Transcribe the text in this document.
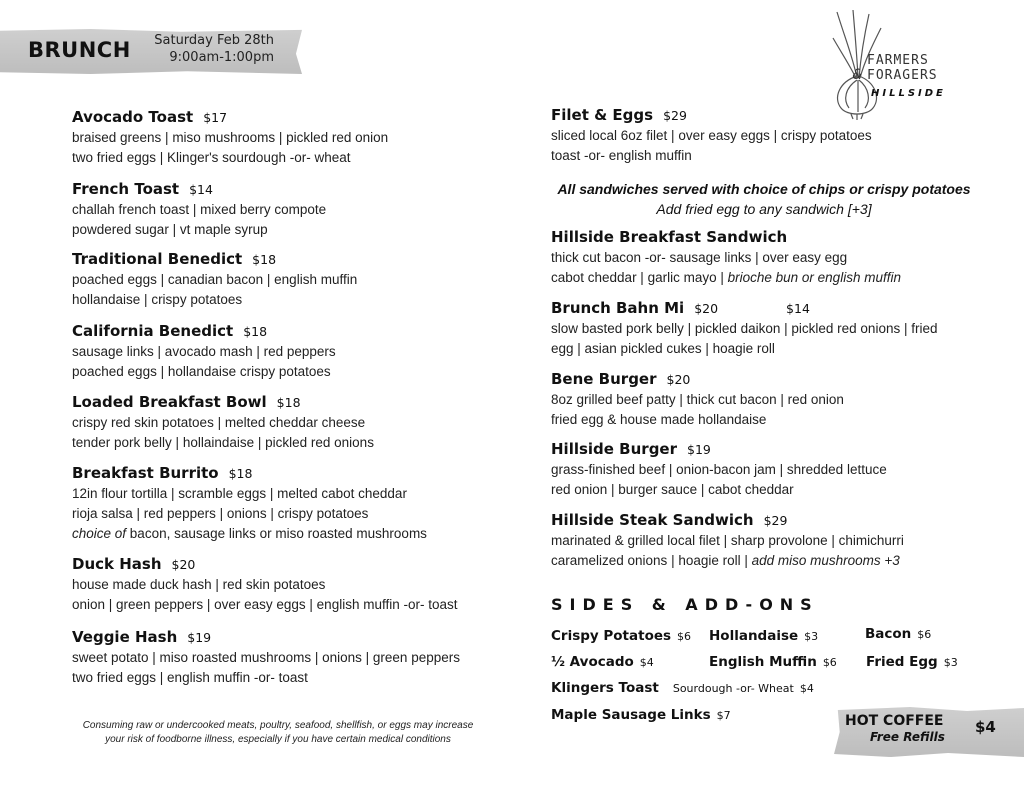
BRUNCH	Saturday Feb 28th
9:00am-1:00pm	FARMERS
& FORAGERS
HILLSIDE
Avocado Toast $17
braised greens | miso mushrooms | pickled red onion
two fried eggs | Klinger's sourdough -or- wheat
French Toast $14
challah french toast | mixed berry compote
powdered sugar | vt maple syrup
Traditional Benedict $18
poached eggs | canadian bacon | english muffin
hollandaise | crispy potatoes
California Benedict $18
sausage links | avocado mash | red peppers
poached eggs | hollandaise crispy potatoes
Loaded Breakfast Bowl $18
crispy red skin potatoes | melted cheddar cheese
tender pork belly | hollaindaise | pickled red onions
Breakfast Burrito $18
12in flour tortilla | scramble eggs | melted cabot cheddar
rioja salsa | red peppers | onions | crispy potatoes
choice of bacon, sausage links or miso roasted mushrooms
Duck Hash $20
house made duck hash | red skin potatoes
onion | green peppers | over easy eggs | english muffin -or- toast
Veggie Hash $19
sweet potato | miso roasted mushrooms | onions | green peppers
two fried eggs | english muffin -or- toast
Consuming raw or undercooked meats, poultry, seafood, shellfish, or eggs may increase
your risk of foodborne illness, especially if you have certain medical conditions
Filet & Eggs $29
sliced local 6oz filet | over easy eggs | crispy potatoes
toast -or- english muffin
All sandwiches served with choice of chips or crispy potatoes
Add fried egg to any sandwich [+3]
Hillside Breakfast Sandwich
thick cut bacon -or- sausage links | over easy egg
cabot cheddar | garlic mayo | brioche bun or english muffin
Brunch Bahn Mi $20	$14
slow basted pork belly | pickled daikon | pickled red onions | fried
egg | asian pickled cukes | hoagie roll
Bene Burger $20
8oz grilled beef patty | thick cut bacon | red onion
fried egg & house made hollandaise
Hillside Burger $19
grass-finished beef | onion-bacon jam | shredded lettuce
red onion | burger sauce | cabot cheddar
Hillside Steak Sandwich $29
marinated & grilled local filet | sharp provolone | chimichurri
caramelized onions | hoagie roll | add miso mushrooms +3
SIDES & ADD-ONS
Crispy Potatoes $6 Hollandaise $3	Bacon $6
½ Avocado $4	English Muffin $6 Fried Egg $3
Klingers Toast Sourdough -or- Wheat $4
Maple Sausage Links $7	HOT COFFEE
Free Refills
$4
